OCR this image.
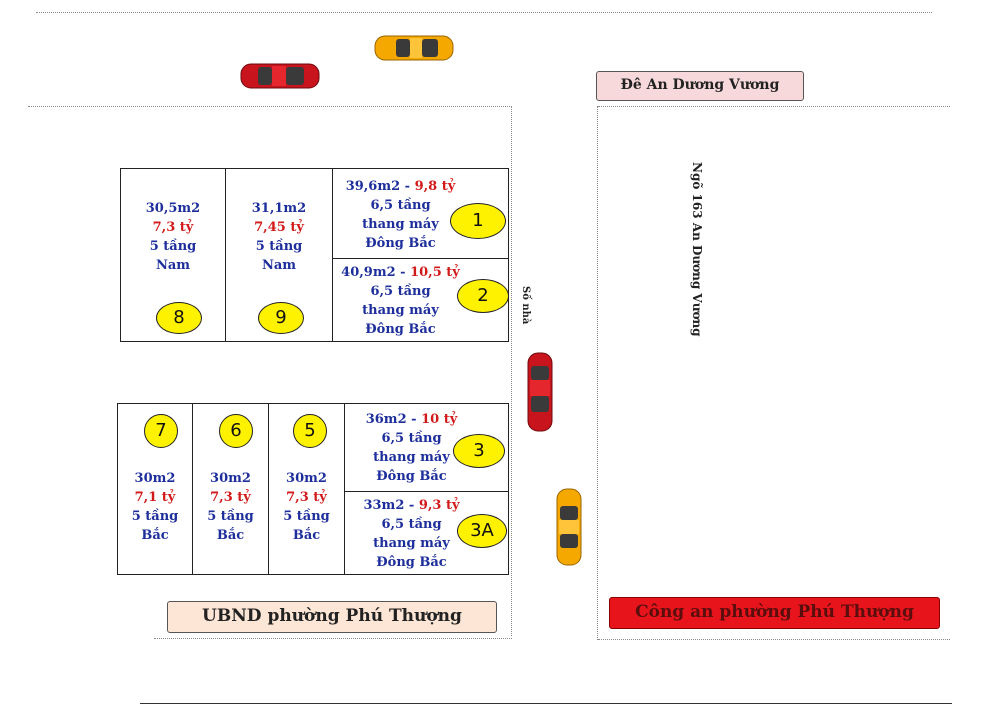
Đê An Dương Vương
Ngõ 163 An Dương Vương
Số nhà
30,5m2
7,3 tỷ
5 tầng
Nam
8
31,1m2
7,45 tỷ
5 tầng
Nam
9
39,6m2 - 9,8 tỷ
6,5 tầng
thang máy
Đông Bắc
1
40,9m2 - 10,5 tỷ
6,5 tầng
thang máy
Đông Bắc
2
7
30m2
7,1 tỷ
5 tầng
Bắc
6
30m2
7,3 tỷ
5 tầng
Bắc
5
30m2
7,3 tỷ
5 tầng
Bắc
36m2 - 10 tỷ
6,5 tầng
thang máy
Đông Bắc
3
33m2 - 9,3 tỷ
6,5 tầng
thang máy
Đông Bắc
3A
UBND phường Phú Thượng	Công an phường Phú Thượng
